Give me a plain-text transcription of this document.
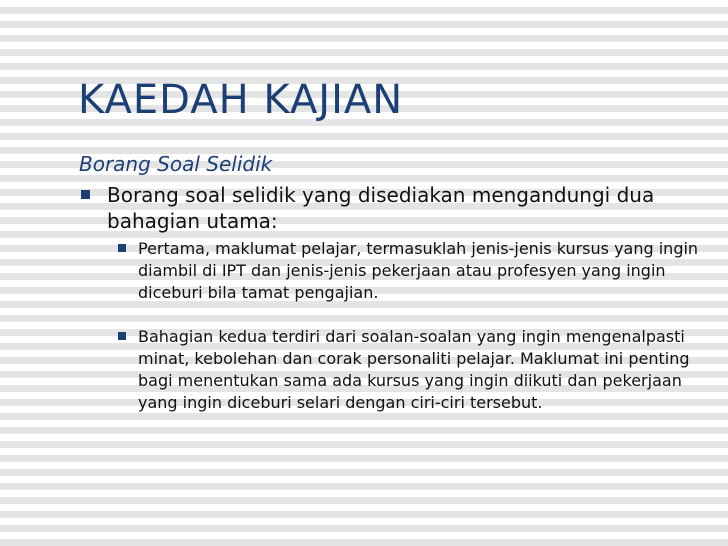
KAEDAH KAJIAN
Borang Soal Selidik
Borang soal selidik yang disediakan mengandungi dua bahagian utama:
Pertama, maklumat pelajar, termasuklah jenis-jenis kursus yang ingin diambil di IPT dan jenis-jenis pekerjaan atau profesyen yang ingin diceburi bila tamat pengajian.
Bahagian kedua terdiri dari soalan-soalan yang ingin mengenalpasti minat, kebolehan dan corak personaliti pelajar. Maklumat ini penting bagi menentukan sama ada kursus yang ingin diikuti dan pekerjaan yang ingin diceburi selari dengan ciri-ciri tersebut.
